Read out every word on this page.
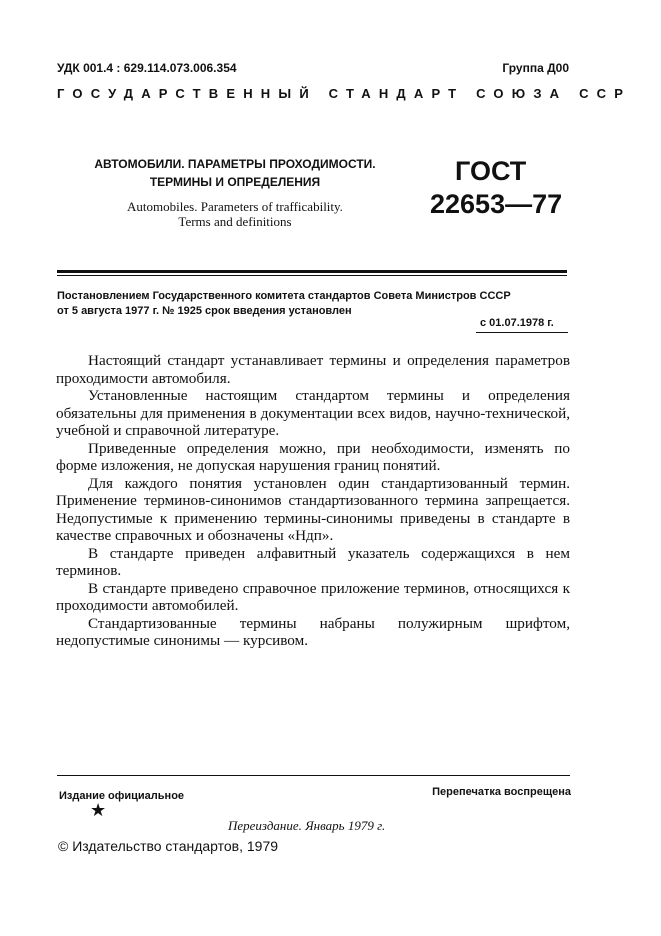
УДК 001.4 : 629.114.073.006.354	Группа Д00
ГОСУДАРСТВЕННЫЙ СТАНДАРТ СОЮЗА ССР
АВТОМОБИЛИ. ПАРАМЕТРЫ ПРОХОДИМОСТИ.
ТЕРМИНЫ И ОПРЕДЕЛЕНИЯ
Automobiles. Parameters of trafficability.
Terms and definitions
ГОСТ
22653—77
Постановлением Государственного комитета стандартов Совета Министров СССР
от 5 августа 1977 г. № 1925 срок введения установлен
с 01.07.1978 г.
Настоящий стандарт устанавливает термины и определения параметров проходимости автомобиля.
Установленные настоящим стандартом термины и определения обязательны для применения в документации всех видов, научно-технической, учебной и справочной литературе.
Приведенные определения можно, при необходимости, изменять по форме изложения, не допуская нарушения границ понятий.
Для каждого понятия установлен один стандартизованный термин. Применение терминов-синонимов стандартизованного термина запрещается. Недопустимые к применению термины-синонимы приведены в стандарте в качестве справочных и обозначены «Ндп».
В стандарте приведен алфавитный указатель содержащихся в нем терминов.
В стандарте приведено справочное приложение терминов, относящихся к проходимости автомобилей.
Стандартизованные термины набраны полужирным шрифтом, недопустимые синонимы — курсивом.
Издание официальное	Перепечатка воспрещена
★
Переиздание. Январь 1979 г.
© Издательство стандартов, 1979
